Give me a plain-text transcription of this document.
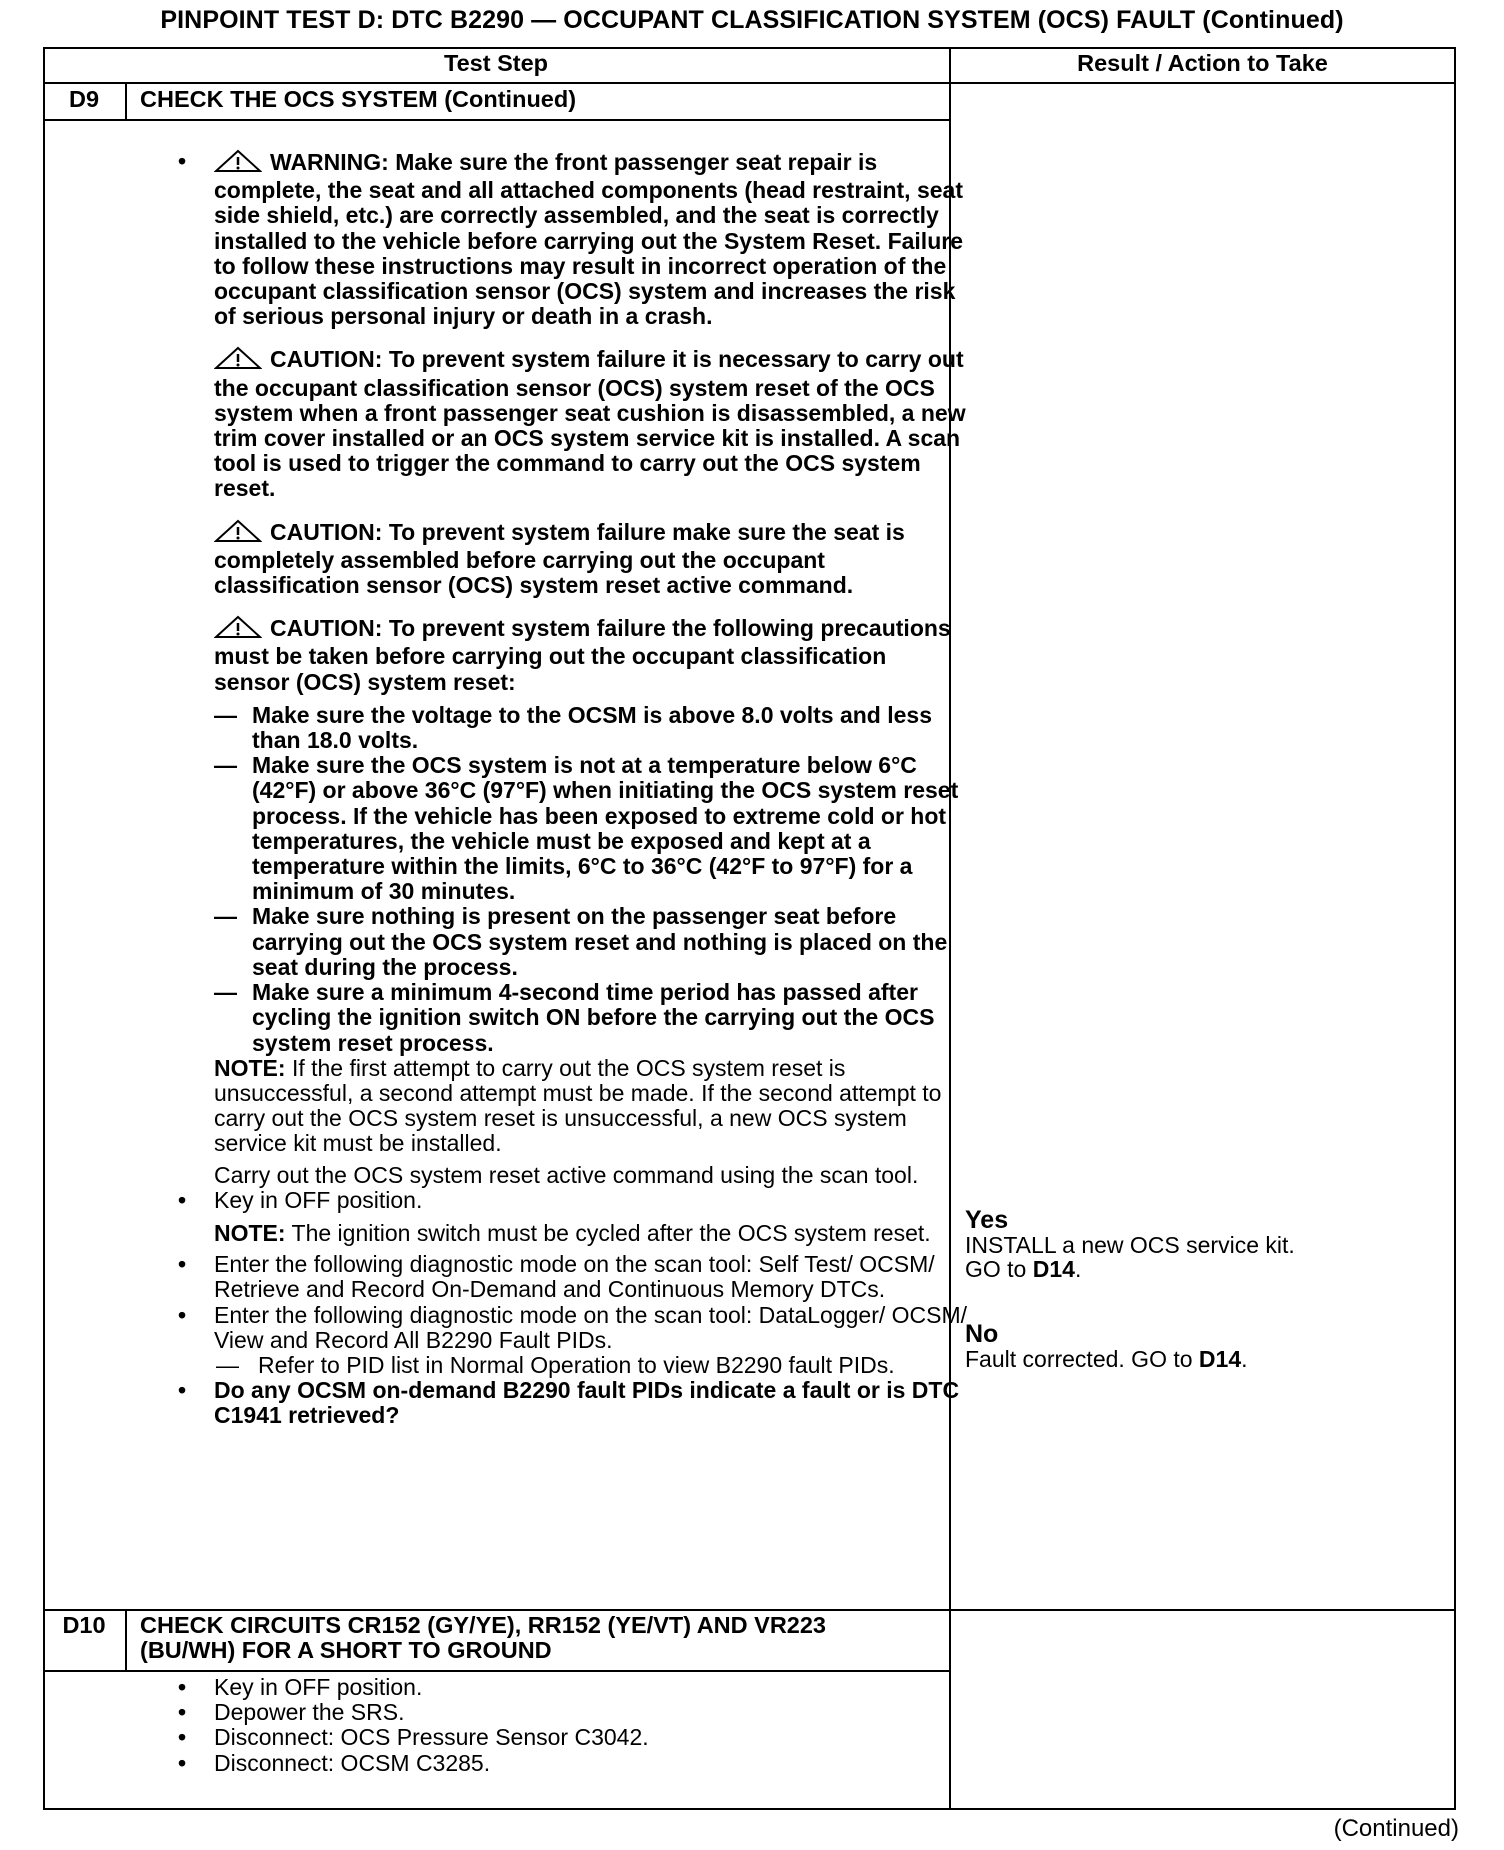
PINPOINT TEST D: DTC B2290 — OCCUPANT CLASSIFICATION SYSTEM (OCS) FAULT (Continued)
Test Step	Result / Action to Take
D9	CHECK THE OCS SYSTEM (Continued)
•	WARNING: Make sure the front passenger seat repair is complete, the seat and all attached components (head restraint, seat side shield, etc.) are correctly assembled, and the seat is correctly installed to the vehicle before carrying out the System Reset. Failure to follow these instructions may result in incorrect operation of the occupant classification sensor (OCS) system and increases the risk of serious personal injury or death in a crash.
CAUTION: To prevent system failure it is necessary to carry out the occupant classification sensor (OCS) system reset of the OCS system when a front passenger seat cushion is disassembled, a new trim cover installed or an OCS system service kit is installed. A scan tool is used to trigger the command to carry out the OCS system reset.
CAUTION: To prevent system failure make sure the seat is completely assembled before carrying out the occupant classification sensor (OCS) system reset active command.
CAUTION: To prevent system failure the following precautions must be taken before carrying out the occupant classification sensor (OCS) system reset:
— Make sure the voltage to the OCSM is above 8.0 volts and less than 18.0 volts.
— Make sure the OCS system is not at a temperature below 6°C (42°F) or above 36°C (97°F) when initiating the OCS system reset process. If the vehicle has been exposed to extreme cold or hot temperatures, the vehicle must be exposed and kept at a temperature within the limits, 6°C to 36°C (42°F to 97°F) for a minimum of 30 minutes.
— Make sure nothing is present on the passenger seat before carrying out the OCS system reset and nothing is placed on the seat during the process.
— Make sure a minimum 4-second time period has passed after cycling the ignition switch ON before the carrying out the OCS system reset process.
NOTE: If the first attempt to carry out the OCS system reset is unsuccessful, a second attempt must be made. If the second attempt to carry out the OCS system reset is unsuccessful, a new OCS system service kit must be installed.
Carry out the OCS system reset active command using the scan tool.
•	Key in OFF position.
NOTE: The ignition switch must be cycled after the OCS system reset.
•	Enter the following diagnostic mode on the scan tool: Self Test/ OCSM/ Retrieve and Record On-Demand and Continuous Memory DTCs.
•	Enter the following diagnostic mode on the scan tool: DataLogger/ OCSM/ View and Record All B2290 Fault PIDs.
— Refer to PID list in Normal Operation to view B2290 fault PIDs.
•	Do any OCSM on-demand B2290 fault PIDs indicate a fault or is DTC C1941 retrieved?
Yes
INSTALL a new OCS service kit.
GO to D14.
No
Fault corrected. GO to D14.
D10	CHECK CIRCUITS CR152 (GY/YE), RR152 (YE/VT) AND VR223 (BU/WH) FOR A SHORT TO GROUND
•	Key in OFF position.
•	Depower the SRS.
•	Disconnect: OCS Pressure Sensor C3042.
•	Disconnect: OCSM C3285.
(Continued)
